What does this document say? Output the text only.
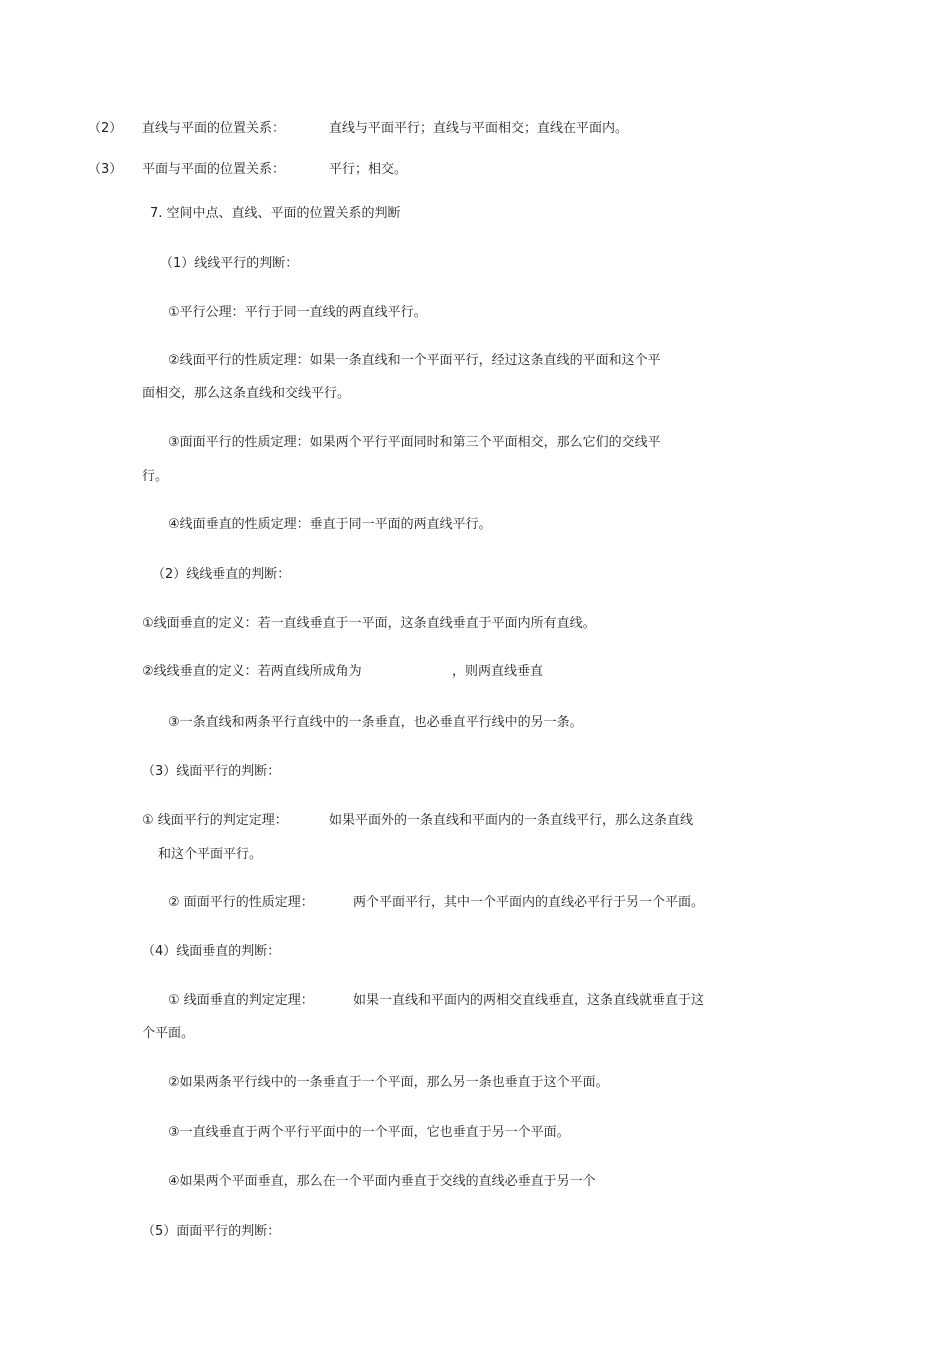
（2） 直线与平面的位置关系：	直线与平面平行；直线与平面相交；直线在平面内。
（3） 平面与平面的位置关系：	平行；相交。
7. 空间中点、直线、平面的位置关系的判断
（1）线线平行的判断：
①平行公理：平行于同一直线的两直线平行。
②线面平行的性质定理：如果一条直线和一个平面平行，经过这条直线的平面和这个平
面相交，那么这条直线和交线平行。
③面面平行的性质定理：如果两个平行平面同时和第三个平面相交，那么它们的交线平
行。
④线面垂直的性质定理：垂直于同一平面的两直线平行。
（2）线线垂直的判断：
①线面垂直的定义：若一直线垂直于一平面，这条直线垂直于平面内所有直线。
②线线垂直的定义：若两直线所成角为	，则两直线垂直
③一条直线和两条平行直线中的一条垂直，也必垂直平行线中的另一条。
（3）线面平行的判断：
① 线面平行的判定定理：	如果平面外的一条直线和平面内的一条直线平行，那么这条直线
和这个平面平行。
② 面面平行的性质定理：	两个平面平行，其中一个平面内的直线必平行于另一个平面。
（4）线面垂直的判断：
① 线面垂直的判定定理：	如果一直线和平面内的两相交直线垂直，这条直线就垂直于这
个平面。
②如果两条平行线中的一条垂直于一个平面，那么另一条也垂直于这个平面。
③一直线垂直于两个平行平面中的一个平面，它也垂直于另一个平面。
④如果两个平面垂直，那么在一个平面内垂直于交线的直线必垂直于另一个
（5）面面平行的判断：
